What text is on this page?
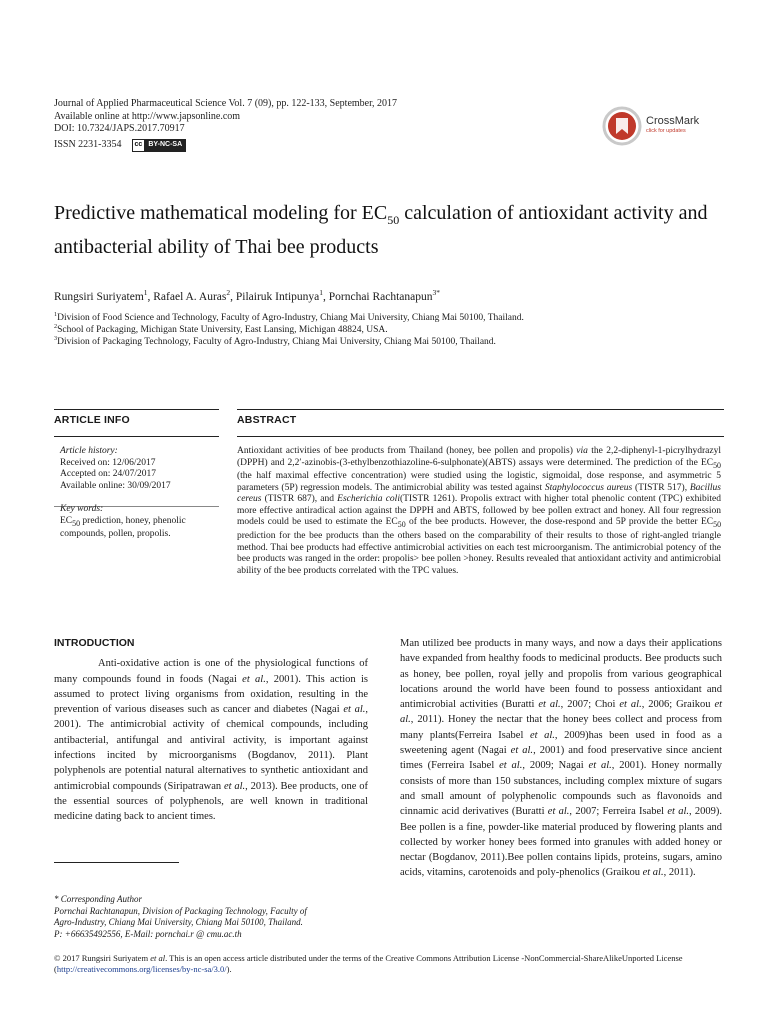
Journal of Applied Pharmaceutical Science Vol. 7 (09), pp. 122-133, September, 2017
Available online at http://www.japsonline.com
DOI: 10.7324/JAPS.2017.70917
ISSN 2231-3354 cc BY-NC-SA
CrossMark
click for updates
Predictive mathematical modeling for $EC_{50}$ calculation of antioxidant activity and antibacterial ability of Thai bee products
Rungsiri Suriyatem$^1$, Rafael A. Auras$^2$, Pilairuk Intipunya$^1$, Pornchai Rachtanapun$^{3*}$
$^1$Division of Food Science and Technology, Faculty of Agro-Industry, Chiang Mai University, Chiang Mai 50100, Thailand.
$^2$School of Packaging, Michigan State University, East Lansing, Michigan 48824, USA.
$^3$Division of Packaging Technology, Faculty of Agro-Industry, Chiang Mai University, Chiang Mai 50100, Thailand.
ARTICLE INFO	ABSTRACT
Article history:
Received on: 12/06/2017
Accepted on: 24/07/2017
Available online: 30/09/2017
Key words:
$EC_{50}$ prediction, honey, phenolic compounds, pollen, propolis.
Antioxidant activities of bee products from Thailand (honey, bee pollen and propolis) via the 2,2-diphenyl-1-picrylhydrazyl (DPPH) and 2,2′-azinobis-(3-ethylbenzothiazoline-6-sulphonate)(ABTS) assays were determined. The prediction of the $EC_{50}$ (the half maximal effective concentration) were studied using the logistic, sigmoidal, dose response, and asymmetric 5 parameters (5P) regression models. The antimicrobial ability was tested against Staphylococcus aureus (TISTR 517), Bacillus cereus (TISTR 687), and Escherichia coli(TISTR 1261). Propolis extract with higher total phenolic content (TPC) exhibited more effective antiradical action against the DPPH and ABTS, followed by bee pollen extract and honey. All four regression models could be used to estimate the $EC_{50}$ of the bee products. However, the dose-respond and 5P provide the better $EC_{50}$ prediction for the bee products than the others based on the comparability of their results to those of right-angled triangle method. Thai bee products had effective antimicrobial activities on each test microorganism. The antimicrobial potency of the bee products was ranged in the order: propolis> bee pollen >honey. Results revealed that antioxidant activity and antimicrobial ability of the bee products correlated with the TPC values.
INTRODUCTION
Anti-oxidative action is one of the physiological functions of many compounds found in foods (Nagai et al., 2001). This action is assumed to protect living organisms from oxidation, resulting in the prevention of various diseases such as cancer and diabetes (Nagai et al., 2001). The antimicrobial activity of chemical compounds, including antibacterial, antifungal and antiviral activity, is important against infections incited by microorganisms (Bogdanov, 2011). Plant polyphenols are potential natural alternatives to synthetic antioxidant and antimicrobial compounds (Siripatrawan et al., 2013). Bee products, one of the essential sources of polyphenols, are well known in traditional medicine dating back to ancient times.
Man utilized bee products in many ways, and now a days their applications have expanded from healthy foods to medicinal products. Bee products such as honey, bee pollen, royal jelly and propolis from various geographical locations around the world have been found to possess antioxidant and antimicrobial activities (Buratti et al., 2007; Choi et al., 2006; Graikou et al., 2011). Honey the nectar that the honey bees collect and process from many plants(Ferreira Isabel et al., 2009)has been used in food as a sweetening agent (Nagai et al., 2001) and food preservative since ancient times (Ferreira Isabel et al., 2009; Nagai et al., 2001). Honey normally consists of more than 150 substances, including complex mixture of sugars and small amount of polyphenolic compounds such as flavonoids and cinnamic acid derivatives (Buratti et al., 2007; Ferreira Isabel et al., 2009). Bee pollen is a fine, powder-like material produced by flowering plants and collected by worker honey bees formed into granules with added honey or nectar (Bogdanov, 2011).Bee pollen contains lipids, proteins, sugars, amino acids, vitamins, carotenoids and poly-phenolics (Graikou et al., 2011).
* Corresponding Author
Pornchai Rachtanapun, Division of Packaging Technology, Faculty of
Agro-Industry, Chiang Mai University, Chiang Mai 50100, Thailand.
P: +66635492556, E-Mail: pornchai.r @ cmu.ac.th
© 2017 Rungsiri Suriyatem et al. This is an open access article distributed under the terms of the Creative Commons Attribution License -NonCommercial-ShareAlikeUnported License (http://creativecommons.org/licenses/by-nc-sa/3.0/).
